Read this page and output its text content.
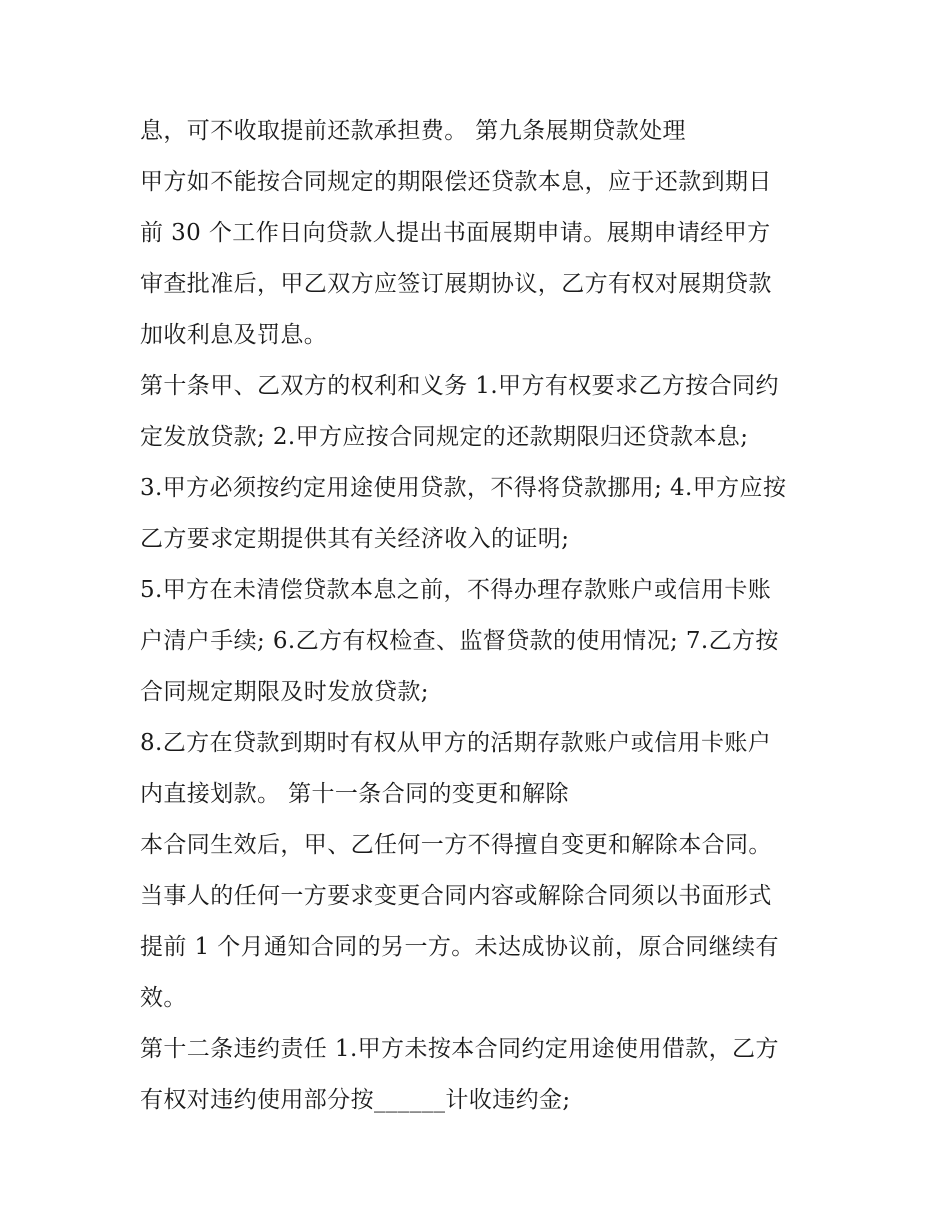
息，可不收取提前还款承担费。 第九条展期贷款处理
甲方如不能按合同规定的期限偿还贷款本息，应于还款到期日
前 30 个工作日向贷款人提出书面展期申请。展期申请经甲方
审查批准后，甲乙双方应签订展期协议，乙方有权对展期贷款
加收利息及罚息。
第十条甲、乙双方的权利和义务 1.甲方有权要求乙方按合同约
定发放贷款; 2.甲方应按合同规定的还款期限归还贷款本息;
3.甲方必须按约定用途使用贷款，不得将贷款挪用; 4.甲方应按
乙方要求定期提供其有关经济收入的证明;
5.甲方在未清偿贷款本息之前，不得办理存款账户或信用卡账
户清户手续; 6.乙方有权检查、监督贷款的使用情况; 7.乙方按
合同规定期限及时发放贷款;
8.乙方在贷款到期时有权从甲方的活期存款账户或信用卡账户
内直接划款。 第十一条合同的变更和解除
本合同生效后，甲、乙任何一方不得擅自变更和解除本合同。
当事人的任何一方要求变更合同内容或解除合同须以书面形式
提前 1 个月通知合同的另一方。未达成协议前，原合同继续有
效。
第十二条违约责任 1.甲方未按本合同约定用途使用借款，乙方
有权对违约使用部分按______计收违约金;
